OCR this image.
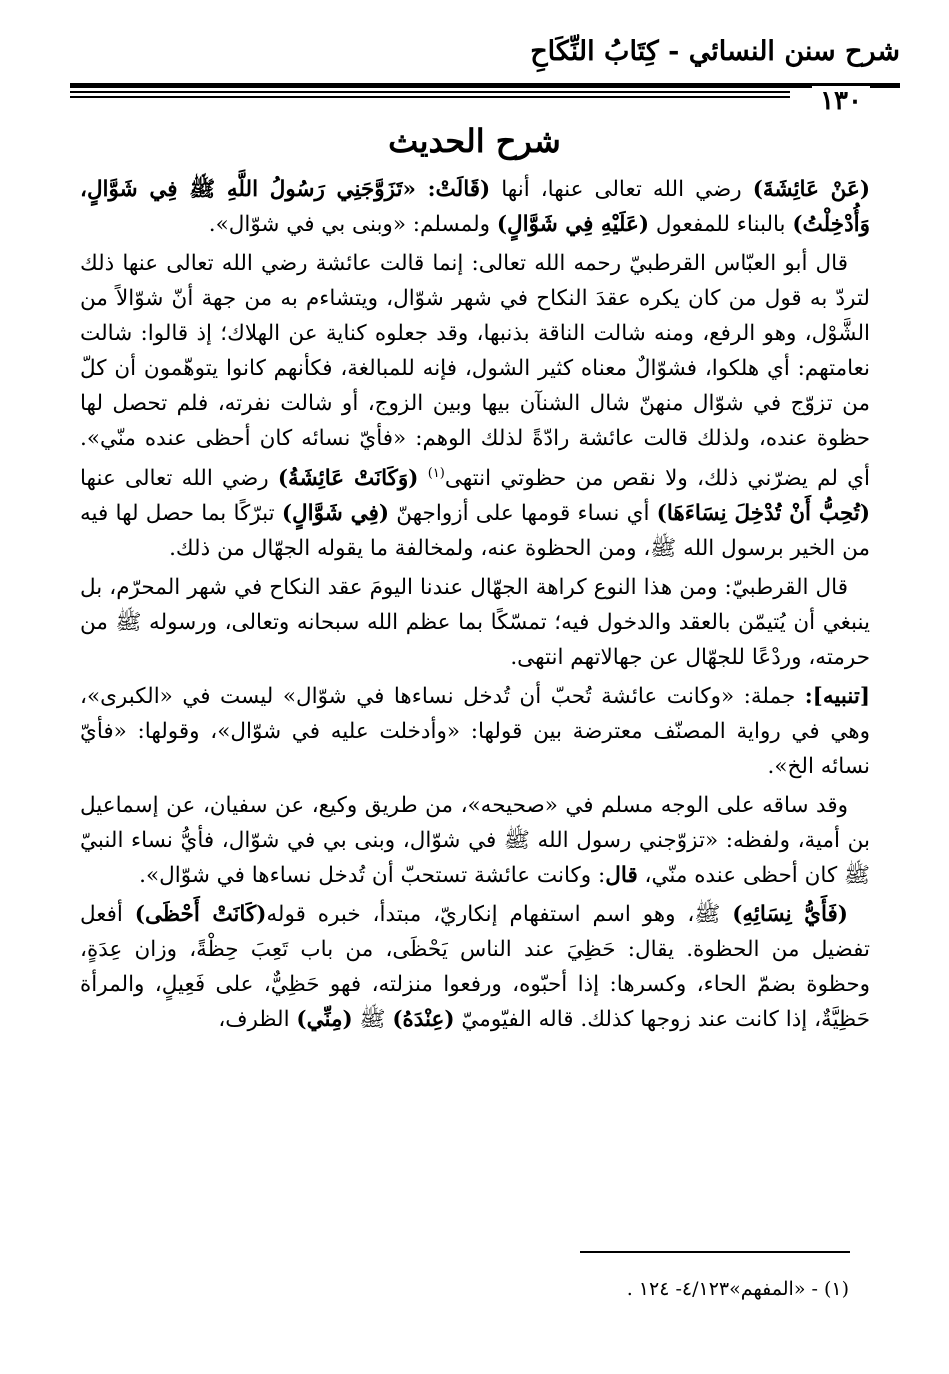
شرح سنن النسائي - كِتَابُ النِّكَاحِ
١٣٠
شرح الحديث

(عَنْ عَائِشَةَ) رضي الله تعالى عنها، أنها (قَالَتْ: «تَزَوَّجَنِي رَسُولُ اللَّهِ ﷺ فِي شَوَّالٍ، وَأُدْخِلْتُ) بالبناء للمفعول (عَلَيْهِ فِي شَوَّالٍ) ولمسلم: «وبنى بي في شوّال».

قال أبو العبّاس القرطبيّ رحمه الله تعالى: إنما قالت عائشة رضي الله تعالى عنها ذلك لتردّ به قول من كان يكره عقدَ النكاح في شهر شوّال، ويتشاءم به من جهة أنّ شوّالاً من الشَّوْل، وهو الرفع، ومنه شالت الناقة بذنبها، وقد جعلوه كناية عن الهلاك؛ إذ قالوا: شالت نعامتهم: أي هلكوا، فشوّالٌ معناه كثير الشول، فإنه للمبالغة، فكأنهم كانوا يتوهّمون أن كلّ من تزوّج في شوّال منهنّ شال الشنآن بيها وبين الزوج، أو شالت نفرته، فلم تحصل لها حظوة عنده، ولذلك قالت عائشة رادّةً لذلك الوهم: «فأيّ نسائه كان أحظى عنده منّي». أي لم يضرّني ذلك، ولا نقص من حظوتي انتهى$^{(١)}$ (وَكَانَتْ عَائِشَةُ) رضي الله تعالى عنها (تُحِبُّ أَنْ تُدْخِلَ نِسَاءَهَا) أي نساء قومها على أزواجهنّ (فِي شَوَّالٍ) تبرّكًا بما حصل لها فيه من الخير برسول الله ﷺ، ومن الحظوة عنه، ولمخالفة ما يقوله الجهّال من ذلك.

قال القرطبيّ: ومن هذا النوع كراهة الجهّال عندنا اليومَ عقد النكاح في شهر المحرّم، بل ينبغي أن يُتيمّن بالعقد والدخول فيه؛ تمسّكًا بما عظم الله سبحانه وتعالى، ورسوله ﷺ من حرمته، وردْعًا للجهّال عن جهالاتهم انتهى.

[تنبيه]: جملة: «وكانت عائشة تُحبّ أن تُدخل نساءها في شوّال» ليست في «الكبرى»، وهي في رواية المصنّف معترضة بين قولها: «وأدخلت عليه في شوّال»، وقولها: «فأيّ نسائه الخ».

وقد ساقه على الوجه مسلم في «صحيحه»، من طريق وكيع، عن سفيان، عن إسماعيل بن أمية، ولفظه: «تزوّجني رسول الله ﷺ في شوّال، وبنى بي في شوّال، فأيُّ نساء النبيّ ﷺ كان أحظى عنده منّي، قال: وكانت عائشة تستحبّ أن تُدخل نساءها في شوّال».

(فَأَيُّ نِسَائِهِ) ﷺ، وهو اسم استفهام إنكاريّ، مبتدأ، خبره قوله(كَانَتْ أَحْظَى) أفعل تفضيل من الحظوة. يقال: حَظِيَ عند الناس يَحْظَى، من باب تَعِبَ حِظْةً، وزان عِدَةٍ، وحظوة بضمّ الحاء، وكسرها: إذا أحبّوه، ورفعوا منزلته، فهو حَظِيٌّ، على فَعِيلٍ، والمرأة حَظِيَّةٌ، إذا كانت عند زوجها كذلك. قاله الفيّوميّ (عِنْدَهُ) ﷺ (مِنِّي) الظرف،

(١) - «المفهم»٤/١٢٣- ١٢٤ .
